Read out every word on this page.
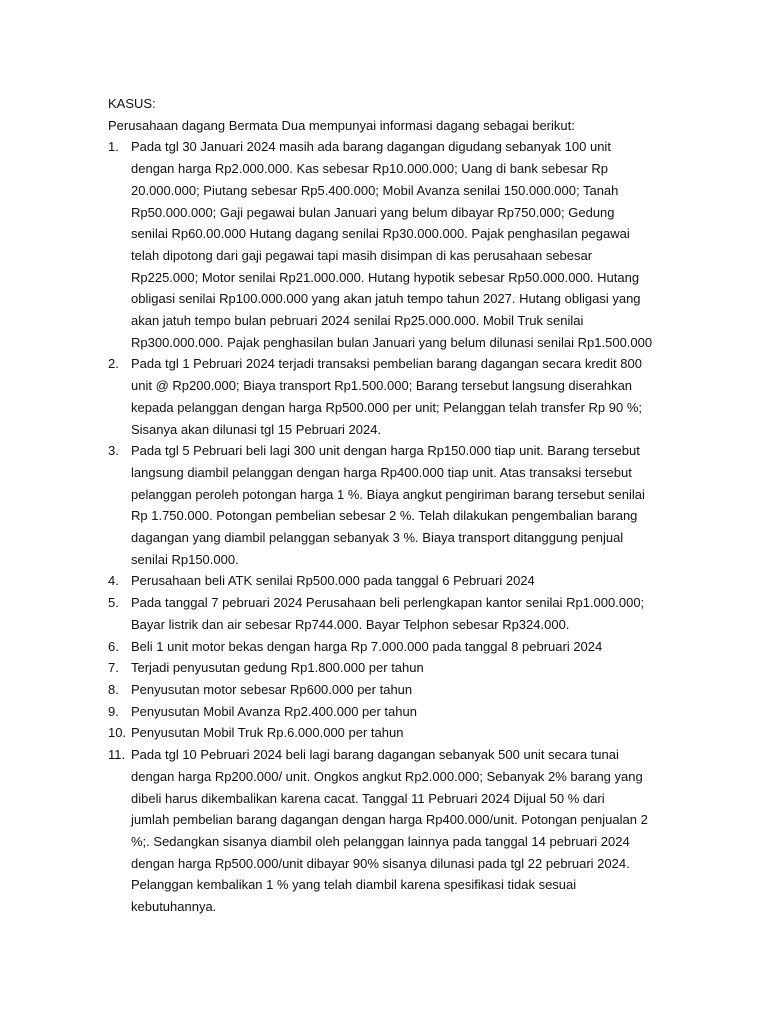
KASUS:
Perusahaan dagang Bermata Dua mempunyai informasi dagang sebagai berikut:
1. Pada tgl 30 Januari 2024 masih ada barang dagangan digudang sebanyak 100 unit
dengan harga Rp2.000.000. Kas sebesar Rp10.000.000; Uang di bank sebesar Rp
20.000.000; Piutang sebesar Rp5.400.000; Mobil Avanza senilai 150.000.000; Tanah
Rp50.000.000; Gaji pegawai bulan Januari yang belum dibayar Rp750.000; Gedung
senilai Rp60.00.000 Hutang dagang senilai Rp30.000.000. Pajak penghasilan pegawai
telah dipotong dari gaji pegawai tapi masih disimpan di kas perusahaan sebesar
Rp225.000; Motor senilai Rp21.000.000. Hutang hypotik sebesar Rp50.000.000. Hutang
obligasi senilai Rp100.000.000 yang akan jatuh tempo tahun 2027. Hutang obligasi yang
akan jatuh tempo bulan pebruari 2024 senilai Rp25.000.000. Mobil Truk senilai
Rp300.000.000. Pajak penghasilan bulan Januari yang belum dilunasi senilai Rp1.500.000
2. Pada tgl 1 Pebruari 2024 terjadi transaksi pembelian barang dagangan secara kredit 800
unit @ Rp200.000; Biaya transport Rp1.500.000; Barang tersebut langsung diserahkan
kepada pelanggan dengan harga Rp500.000 per unit; Pelanggan telah transfer Rp 90 %;
Sisanya akan dilunasi tgl 15 Pebruari 2024.
3. Pada tgl 5 Pebruari beli lagi 300 unit dengan harga Rp150.000 tiap unit. Barang tersebut
langsung diambil pelanggan dengan harga Rp400.000 tiap unit. Atas transaksi tersebut
pelanggan peroleh potongan harga 1 %. Biaya angkut pengiriman barang tersebut senilai
Rp 1.750.000. Potongan pembelian sebesar 2 %. Telah dilakukan pengembalian barang
dagangan yang diambil pelanggan sebanyak 3 %. Biaya transport ditanggung penjual
senilai Rp150.000.
4. Perusahaan beli ATK senilai Rp500.000 pada tanggal 6 Pebruari 2024
5. Pada tanggal 7 pebruari 2024 Perusahaan beli perlengkapan kantor senilai Rp1.000.000;
Bayar listrik dan air sebesar Rp744.000. Bayar Telphon sebesar Rp324.000.
6. Beli 1 unit motor bekas dengan harga Rp 7.000.000 pada tanggal 8 pebruari 2024
7. Terjadi penyusutan gedung Rp1.800.000 per tahun
8. Penyusutan motor sebesar Rp600.000 per tahun
9. Penyusutan Mobil Avanza Rp2.400.000 per tahun
10. Penyusutan Mobil Truk Rp.6.000.000 per tahun
11. Pada tgl 10 Pebruari 2024 beli lagi barang dagangan sebanyak 500 unit secara tunai
dengan harga Rp200.000/ unit. Ongkos angkut Rp2.000.000; Sebanyak 2% barang yang
dibeli harus dikembalikan karena cacat. Tanggal 11 Pebruari 2024 Dijual 50 % dari
jumlah pembelian barang dagangan dengan harga Rp400.000/unit. Potongan penjualan 2
%;. Sedangkan sisanya diambil oleh pelanggan lainnya pada tanggal 14 pebruari 2024
dengan harga Rp500.000/unit dibayar 90% sisanya dilunasi pada tgl 22 pebruari 2024.
Pelanggan kembalikan 1 % yang telah diambil karena spesifikasi tidak sesuai
kebutuhannya.
